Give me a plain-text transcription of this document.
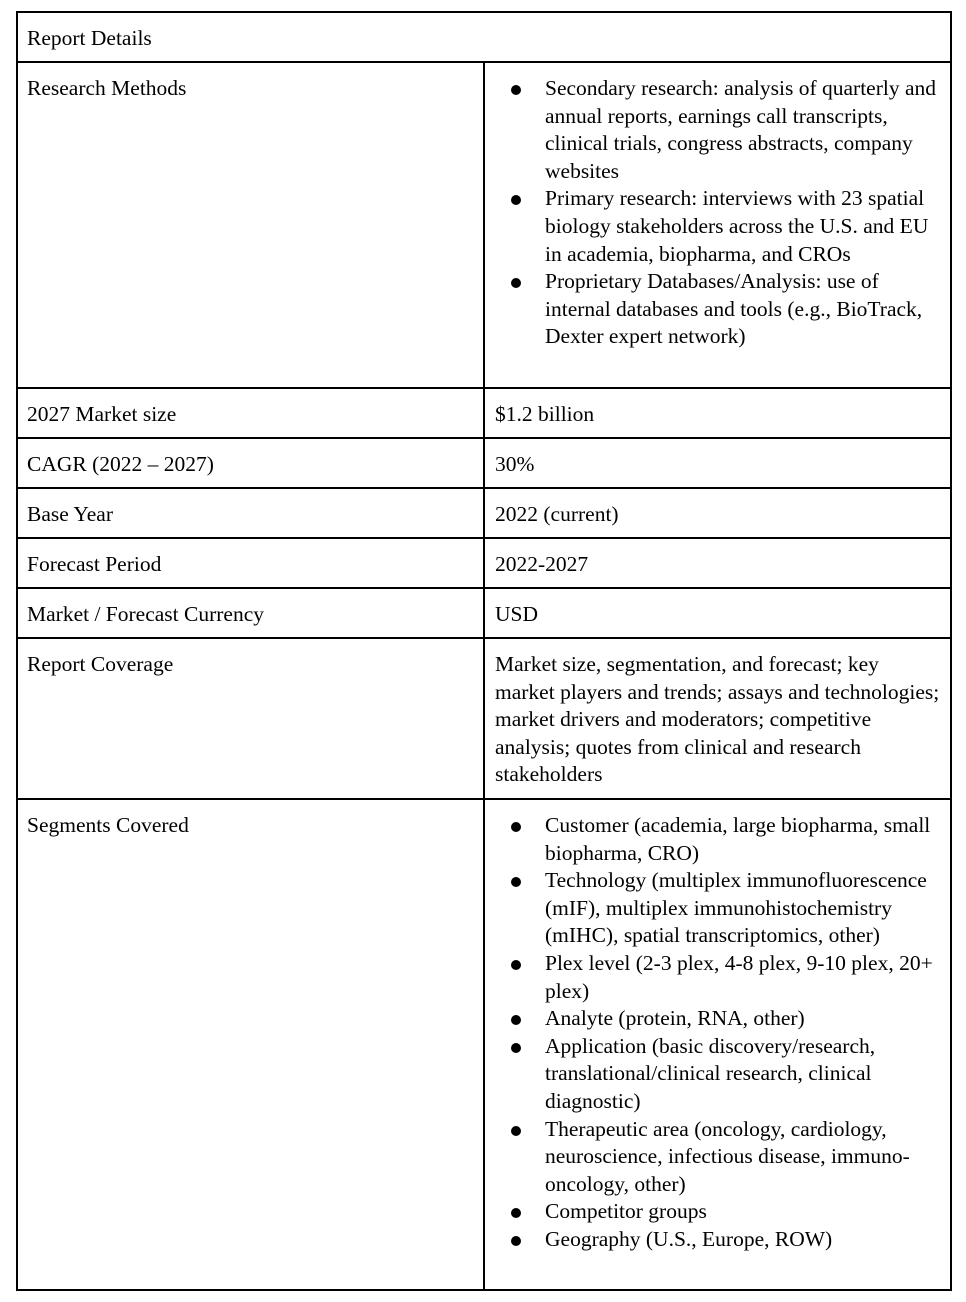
Report Details
Research Methods	Secondary research: analysis of quarterly and annual reports, earnings call transcripts, clinical trials, congress abstracts, company websites
Primary research: interviews with 23 spatial biology stakeholders across the U.S. and EU in academia, biopharma, and CROs
Proprietary Databases/Analysis: use of internal databases and tools (e.g., BioTrack, Dexter expert network)
2027 Market size	$1.2 billion
CAGR (2022 – 2027)	30%
Base Year	2022 (current)
Forecast Period	2022-2027
Market / Forecast Currency	USD
Report Coverage	Market size, segmentation, and forecast; key market players and trends; assays and technologies; market drivers and moderators; competitive analysis; quotes from clinical and research stakeholders
Segments Covered	Customer (academia, large biopharma, small biopharma, CRO)
Technology (multiplex immunofluorescence (mIF), multiplex immunohistochemistry (mIHC), spatial transcriptomics, other)
Plex level (2-3 plex, 4-8 plex, 9-10 plex, 20+ plex)
Analyte (protein, RNA, other)
Application (basic discovery/research, translational/clinical research, clinical diagnostic)
Therapeutic area (oncology, cardiology, neuroscience, infectious disease, immuno-oncology, other)
Competitor groups
Geography (U.S., Europe, ROW)
